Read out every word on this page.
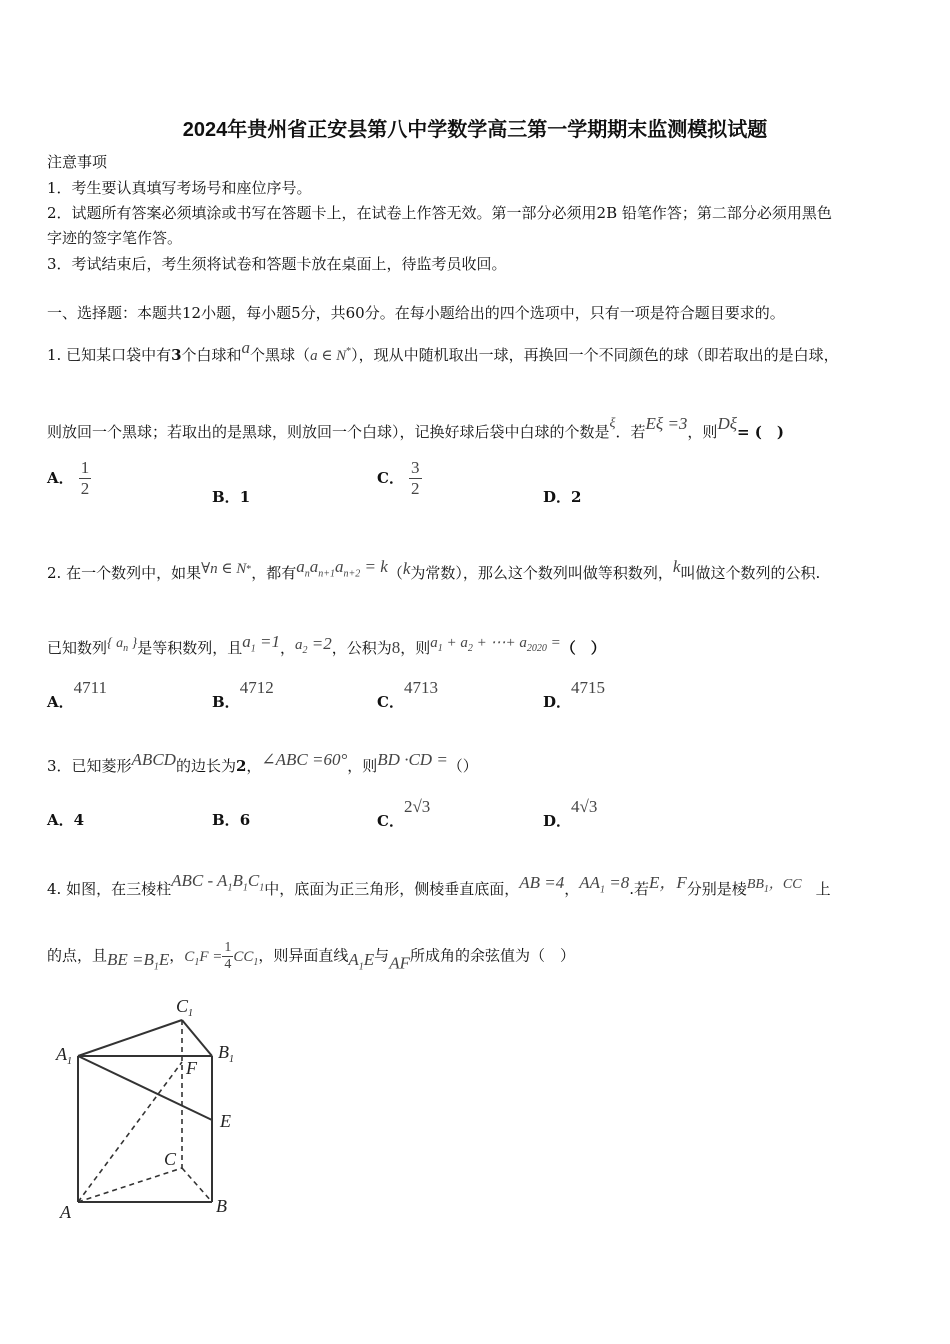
2024年贵州省正安县第八中学数学高三第一学期期末监测模拟试题
注意事项
1．考生要认真填写考场号和座位序号。
2．试题所有答案必须填涂或书写在答题卡上，在试卷上作答无效。第一部分必须用2B 铅笔作答；第二部分必须用黑色
字迹的签字笔作答。
3．考试结束后，考生须将试卷和答题卡放在桌面上，待监考员收回。
一、选择题：本题共12小题，每小题5分，共60分。在每小题给出的四个选项中，只有一项是符合题目要求的。
1. 已知某口袋中有3个白球和a个黑球（a ∈ N*），现从中随机取出一球，再换回一个不同颜色的球（即若取出的是白球，
则放回一个黑球；若取出的是黑球，则放回一个白球），记换好球后袋中白球的个数是ξ．若Eξ =3，则Dξ= (　)
A． $\frac{1}{2}$	B．1
C． $\frac{3}{2}$	D．2
2. 在一个数列中，如果∀n ∈ N*，都有$a_na_{n+1}a_{n+2} = k(k$为常数），那么这个数列叫做等积数列，k叫做这个数列的公积.
已知数列{ $a_n$ }是等积数列，且$a_1 =1$，$a_2 =2$，公积为8，则$a_1 + a_2$ + ⋯+ $a_{2020}$ =（　）
A．4711
B．4712
C．4713
D．4715
3．已知菱形ABCD的边长为2，∠ABC =60°，则BD ·CD =（）
A．4	B．6	C．2√3
D．4√3
4. 如图，在三棱柱ABC - $A_1B_1C_1$中，底面为正三角形，侧棱垂直底面，AB =4，$AA_1 =8$.若E，F分别是棱$BB_1$，CC 上
的点，且BE $=B_1E$，$C_1F = \frac{1}{4} CC_1$，则异面直线$A_1E$与AF所成角的余弦值为（　）
$C_1$
$A_1$	$B_1$
F
E
C
A	B
